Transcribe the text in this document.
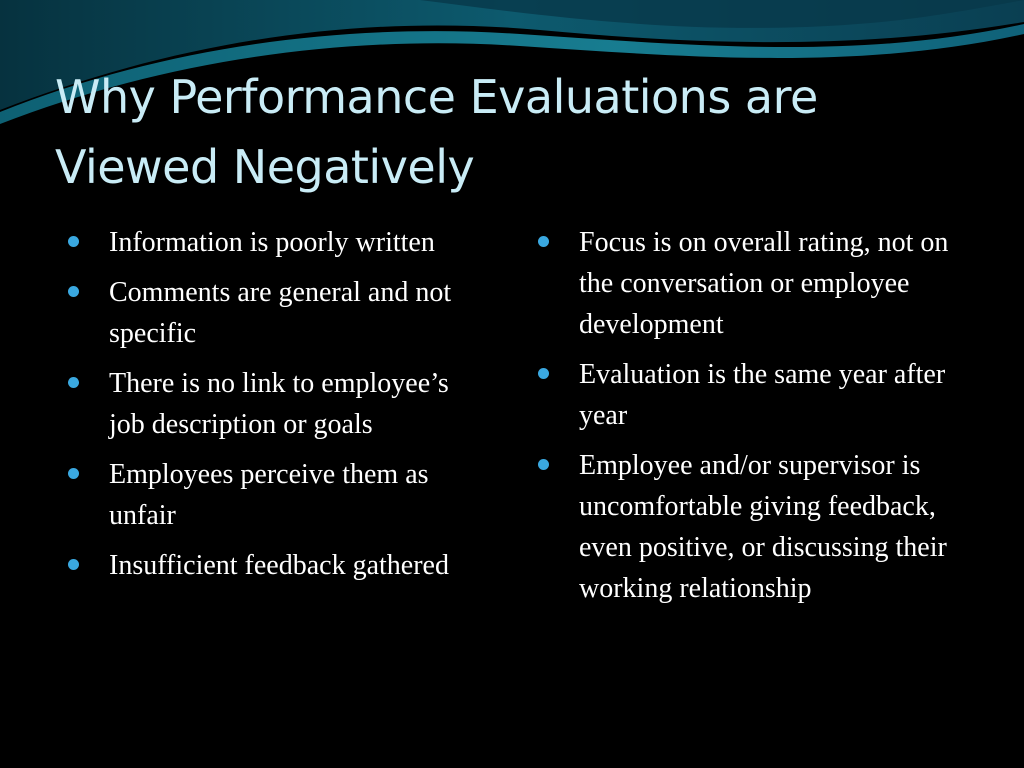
Why Performance Evaluations are
Viewed Negatively
Information is poorly written
Comments are general and not specific
There is no link to employee’s job description or goals
Employees perceive them as unfair
Insufficient feedback gathered
Focus is on overall rating, not on the conversation or employee development
Evaluation is the same year after year
Employee and/or supervisor is uncomfortable giving feedback, even positive, or discussing their working relationship
